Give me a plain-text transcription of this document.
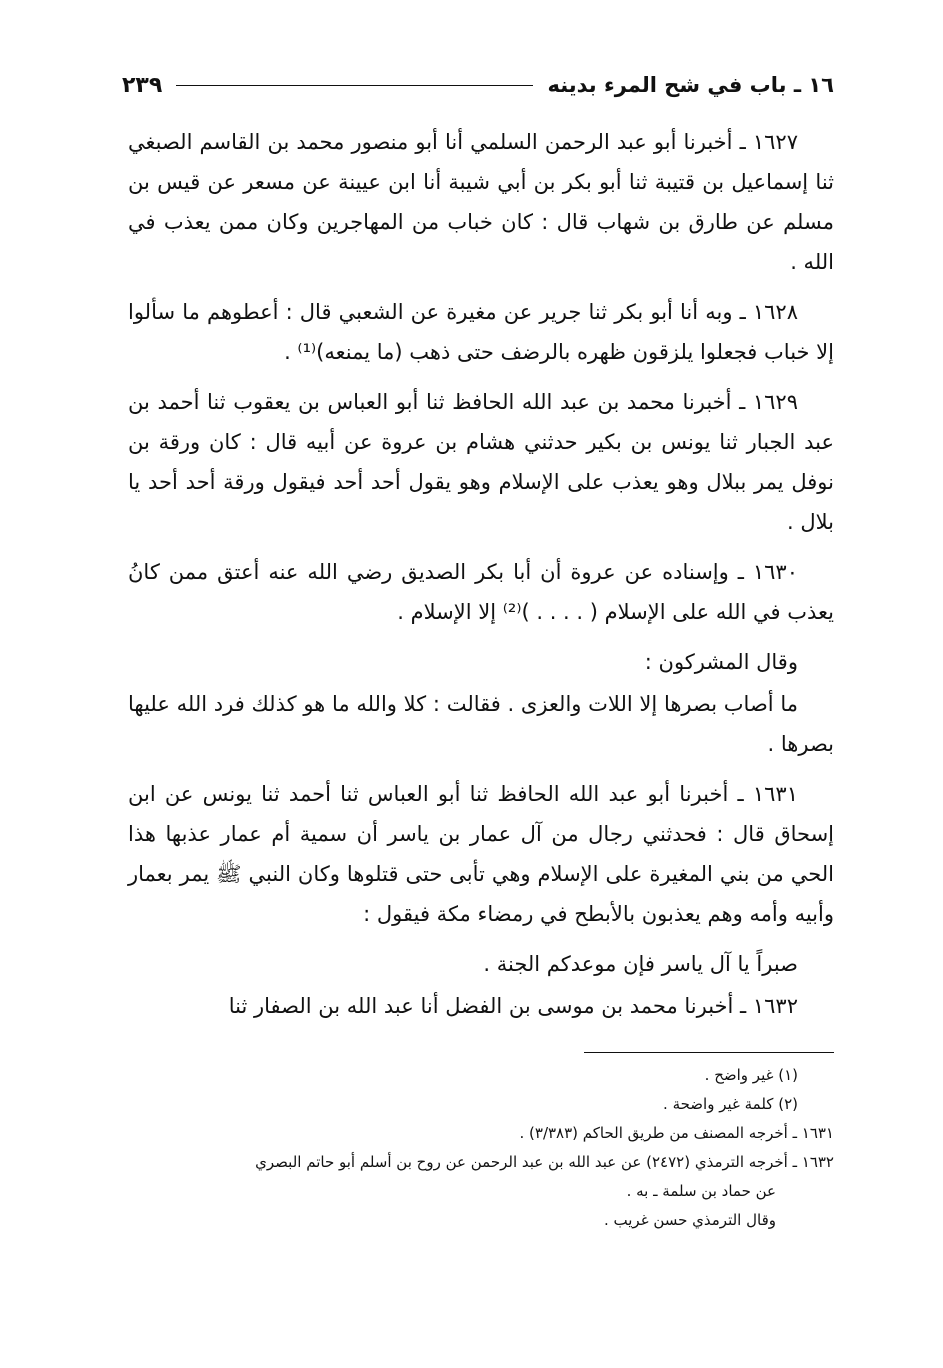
١٦ ـ باب في شح المرء بدينه
٢٣٩

١٦٢٧ ـ أخبرنا أبو عبد الرحمن السلمي أنا أبو منصور محمد بن القاسم الصبغي ثنا إسماعيل بن قتيبة ثنا أبو بكر بن أبي شيبة أنا ابن عيينة عن مسعر عن قيس بن مسلم عن طارق بن شهاب قال : كان خباب من المهاجرين وكان ممن يعذب في الله .

١٦٢٨ ـ وبه أنا أبو بكر ثنا جرير عن مغيرة عن الشعبي قال : أعطوهم ما سألوا إلا خباب فجعلوا يلزقون ظهره بالرضف حتى ذهب (ما يمنعه)⁽¹⁾ .

١٦٢٩ ـ أخبرنا محمد بن عبد الله الحافظ ثنا أبو العباس بن يعقوب ثنا أحمد بن عبد الجبار ثنا يونس بن بكير حدثني هشام بن عروة عن أبيه قال : كان ورقة بن نوفل يمر ببلال وهو يعذب على الإسلام وهو يقول أحد أحد فيقول ورقة أحد أحد يا بلال .

١٦٣٠ ـ وإسناده عن عروة أن أبا بكر الصديق رضي الله عنه أعتق ممن كانُ يعذب في الله على الإسلام ( . . . . )⁽²⁾ إلا الإسلام .

وقال المشركون :

ما أصاب بصرها إلا اللات والعزى . فقالت : كلا والله ما هو كذلك فرد الله عليها بصرها .

١٦٣١ ـ أخبرنا أبو عبد الله الحافظ ثنا أبو العباس ثنا أحمد ثنا يونس عن ابن إسحاق قال : فحدثني رجال من آل عمار بن ياسر أن سمية أم عمار عذبها هذا الحي من بني المغيرة على الإسلام وهي تأبى حتى قتلوها وكان النبي ﷺ يمر بعمار وأبيه وأمه وهم يعذبون بالأبطح في رمضاء مكة فيقول :

صبراً يا آل ياسر فإن موعدكم الجنة .

١٦٣٢ ـ أخبرنا محمد بن موسى بن الفضل أنا عبد الله بن الصفار ثنا

(١) غير واضح .
(٢) كلمة غير واضحة .
١٦٣١ ـ أخرجه المصنف من طريق الحاكم (٣/٣٨٣) .
١٦٣٢ ـ أخرجه الترمذي (٢٤٧٢) عن عبد الله بن عبد الرحمن عن روح بن أسلم أبو حاتم البصري
عن حماد بن سلمة ـ به .
وقال الترمذي حسن غريب .
